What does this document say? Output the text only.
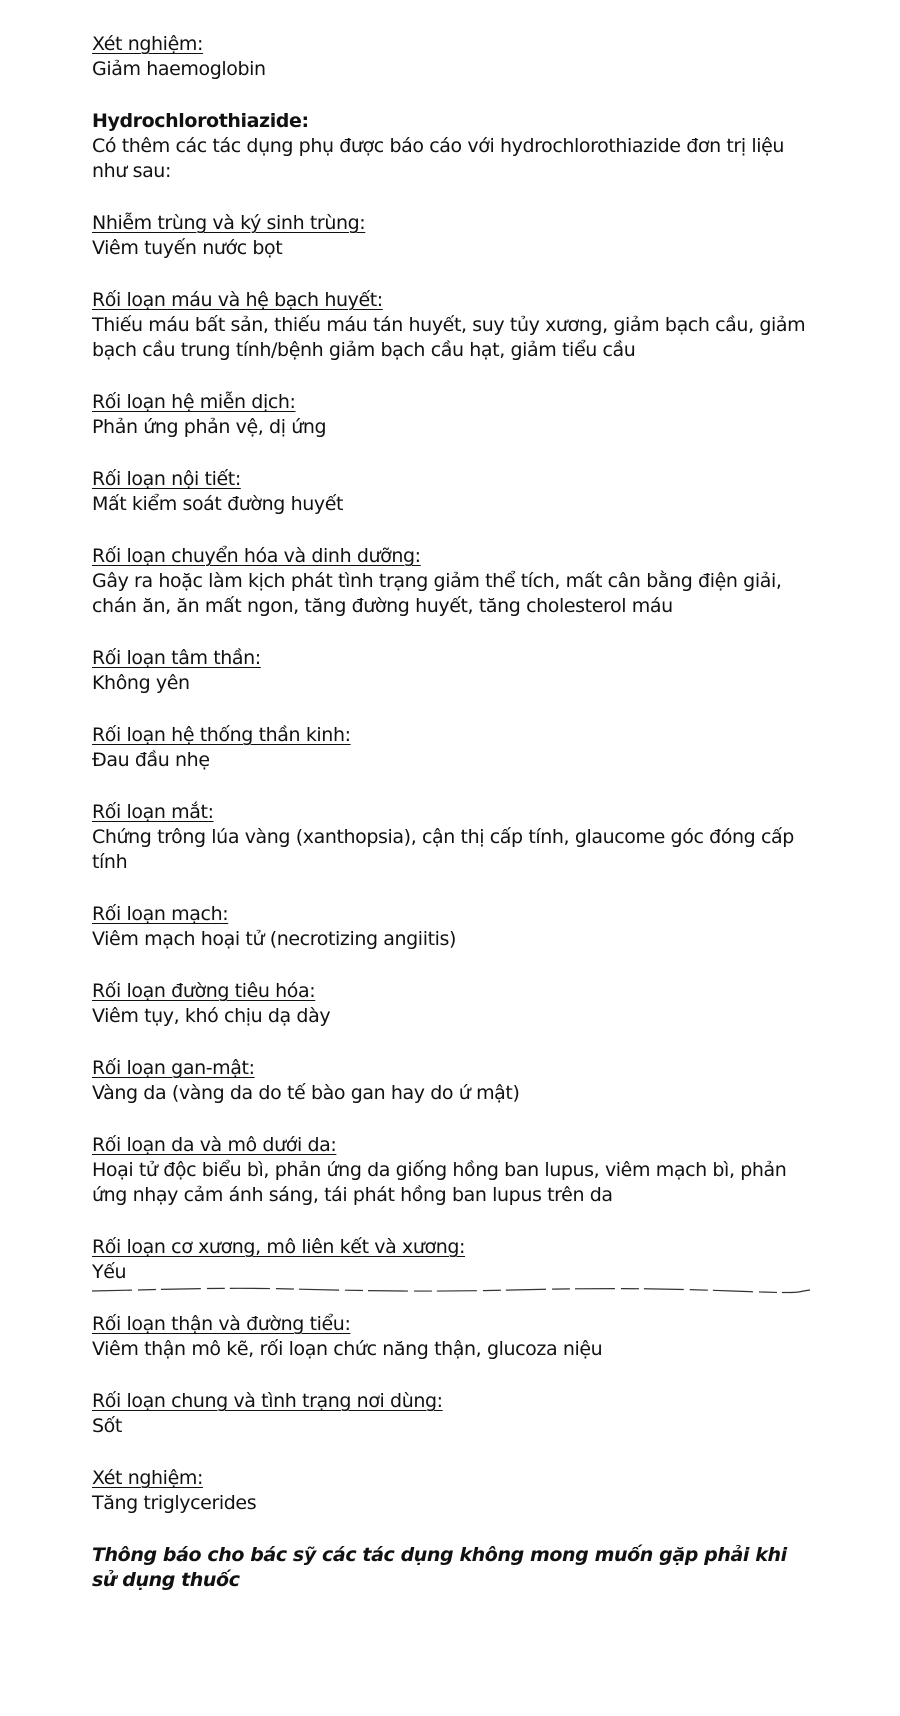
Xét nghiệm:

Giảm haemoglobin

Hydrochlorothiazide:

Có thêm các tác dụng phụ được báo cáo với hydrochlorothiazide đơn trị liệu như sau:

Nhiễm trùng và ký sinh trùng:

Viêm tuyến nước bọt

Rối loạn máu và hệ bạch huyết:

Thiếu máu bất sản, thiếu máu tán huyết, suy tủy xương, giảm bạch cầu, giảm bạch cầu trung tính/bệnh giảm bạch cầu hạt, giảm tiểu cầu

Rối loạn hệ miễn dịch:

Phản ứng phản vệ, dị ứng

Rối loạn nội tiết:

Mất kiểm soát đường huyết

Rối loạn chuyển hóa và dinh dưỡng:

Gây ra hoặc làm kịch phát tình trạng giảm thể tích, mất cân bằng điện giải, chán ăn, ăn mất ngon, tăng đường huyết, tăng cholesterol máu

Rối loạn tâm thần:

Không yên

Rối loạn hệ thống thần kinh:

Đau đầu nhẹ

Rối loạn mắt:

Chứng trông lúa vàng (xanthopsia), cận thị cấp tính, glaucome góc đóng cấp tính

Rối loạn mạch:

Viêm mạch hoại tử (necrotizing angiitis)

Rối loạn đường tiêu hóa:

Viêm tụy, khó chịu dạ dày

Rối loạn gan-mật:

Vàng da (vàng da do tế bào gan hay do ứ mật)

Rối loạn da và mô dưới da:

Hoại tử độc biểu bì, phản ứng da giống hồng ban lupus, viêm mạch bì, phản ứng nhạy cảm ánh sáng, tái phát hồng ban lupus trên da

Rối loạn cơ xương, mô liên kết và xương:

Yếu

Rối loạn thận và đường tiểu:

Viêm thận mô kẽ, rối loạn chức năng thận, glucoza niệu

Rối loạn chung và tình trạng nơi dùng:

Sốt

Xét nghiệm:

Tăng triglycerides

Thông báo cho bác sỹ các tác dụng không mong muốn gặp phải khi sử dụng thuốc
